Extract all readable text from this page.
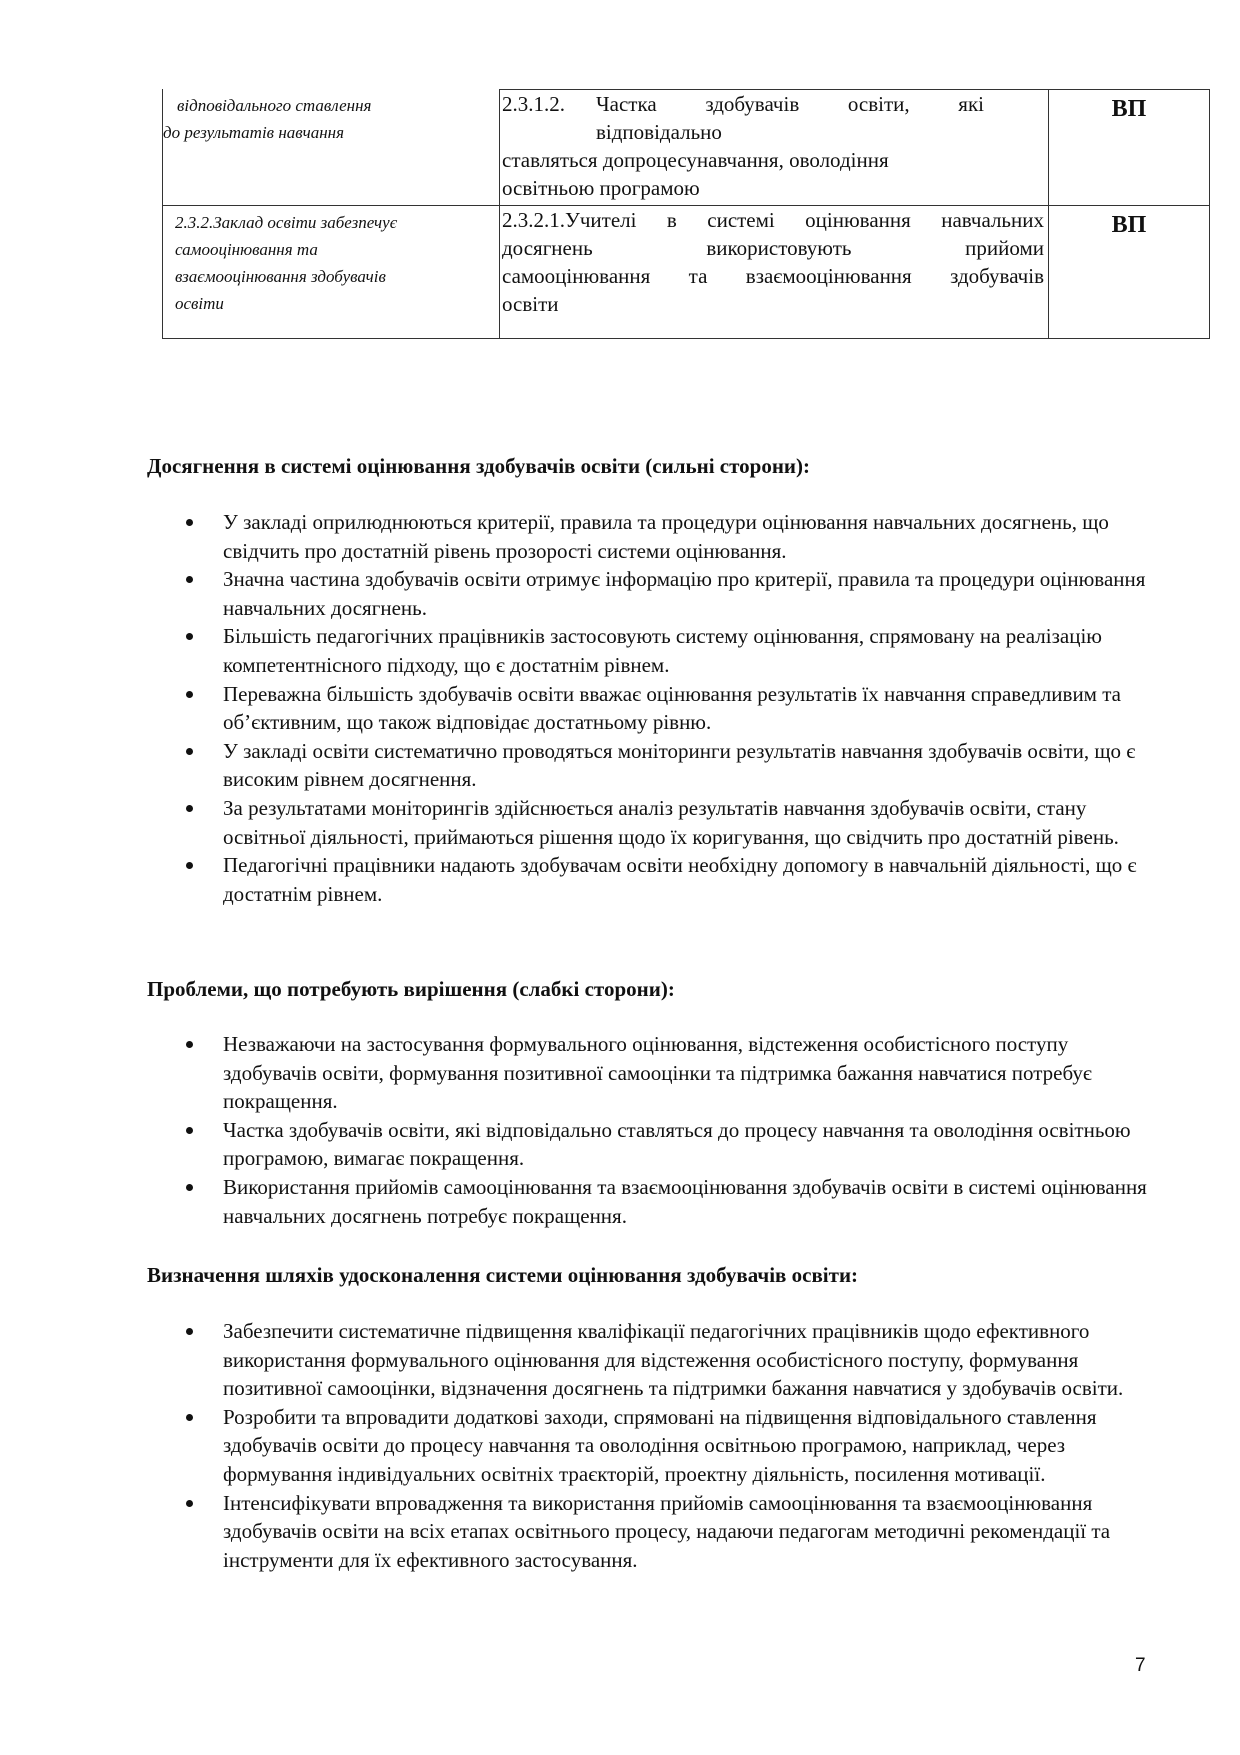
відповідального ставлення
до результатів навчання
2.3.1.2.	Частка здобувачів освіти, які
відповідально
ставляться допроцесунавчання, оволодіння
освітньою програмою
ВП
2.3.2.Заклад освіти забезпечує
самооцінювання та
взаємооцінювання здобувачів
освіти
2.3.2.1.Учителі в системі оцінювання навчальних
досягнень використовують прийоми
самооцінювання та взаємооцінювання здобувачів
освіти
ВП
Досягнення в системі оцінювання здобувачів освіти (сильні сторони):
У закладі оприлюднюються критерії, правила та процедури оцінювання навчальних досягнень, що свідчить про достатній рівень прозорості системи оцінювання.
Значна частина здобувачів освіти отримує інформацію про критерії, правила та процедури оцінювання навчальних досягнень.
Більшість педагогічних працівників застосовують систему оцінювання, спрямовану на реалізацію компетентнісного підходу, що є достатнім рівнем.
Переважна більшість здобувачів освіти вважає оцінювання результатів їх навчання справедливим та об’єктивним, що також відповідає достатньому рівню.
У закладі освіти систематично проводяться моніторинги результатів навчання здобувачів освіти, що є високим рівнем досягнення.
За результатами моніторингів здійснюється аналіз результатів навчання здобувачів освіти, стану освітньої діяльності, приймаються рішення щодо їх коригування, що свідчить про достатній рівень.
Педагогічні працівники надають здобувачам освіти необхідну допомогу в навчальній діяльності, що є достатнім рівнем.
Проблеми, що потребують вирішення (слабкі сторони):
Незважаючи на застосування формувального оцінювання, відстеження особистісного поступу здобувачів освіти, формування позитивної самооцінки та підтримка бажання навчатися потребує покращення.
Частка здобувачів освіти, які відповідально ставляться до процесу навчання та оволодіння освітньою програмою, вимагає покращення.
Використання прийомів самооцінювання та взаємооцінювання здобувачів освіти в системі оцінювання навчальних досягнень потребує покращення.
Визначення шляхів удосконалення системи оцінювання здобувачів освіти:
Забезпечити систематичне підвищення кваліфікації педагогічних працівників щодо ефективного використання формувального оцінювання для відстеження особистісного поступу, формування позитивної самооцінки, відзначення досягнень та підтримки бажання навчатися у здобувачів освіти.
Розробити та впровадити додаткові заходи, спрямовані на підвищення відповідального ставлення здобувачів освіти до процесу навчання та оволодіння освітньою програмою, наприклад, через формування індивідуальних освітніх траєкторій, проектну діяльність, посилення мотивації.
Інтенсифікувати впровадження та використання прийомів самооцінювання та взаємооцінювання здобувачів освіти на всіх етапах освітнього процесу, надаючи педагогам методичні рекомендації та інструменти для їх ефективного застосування.
7
